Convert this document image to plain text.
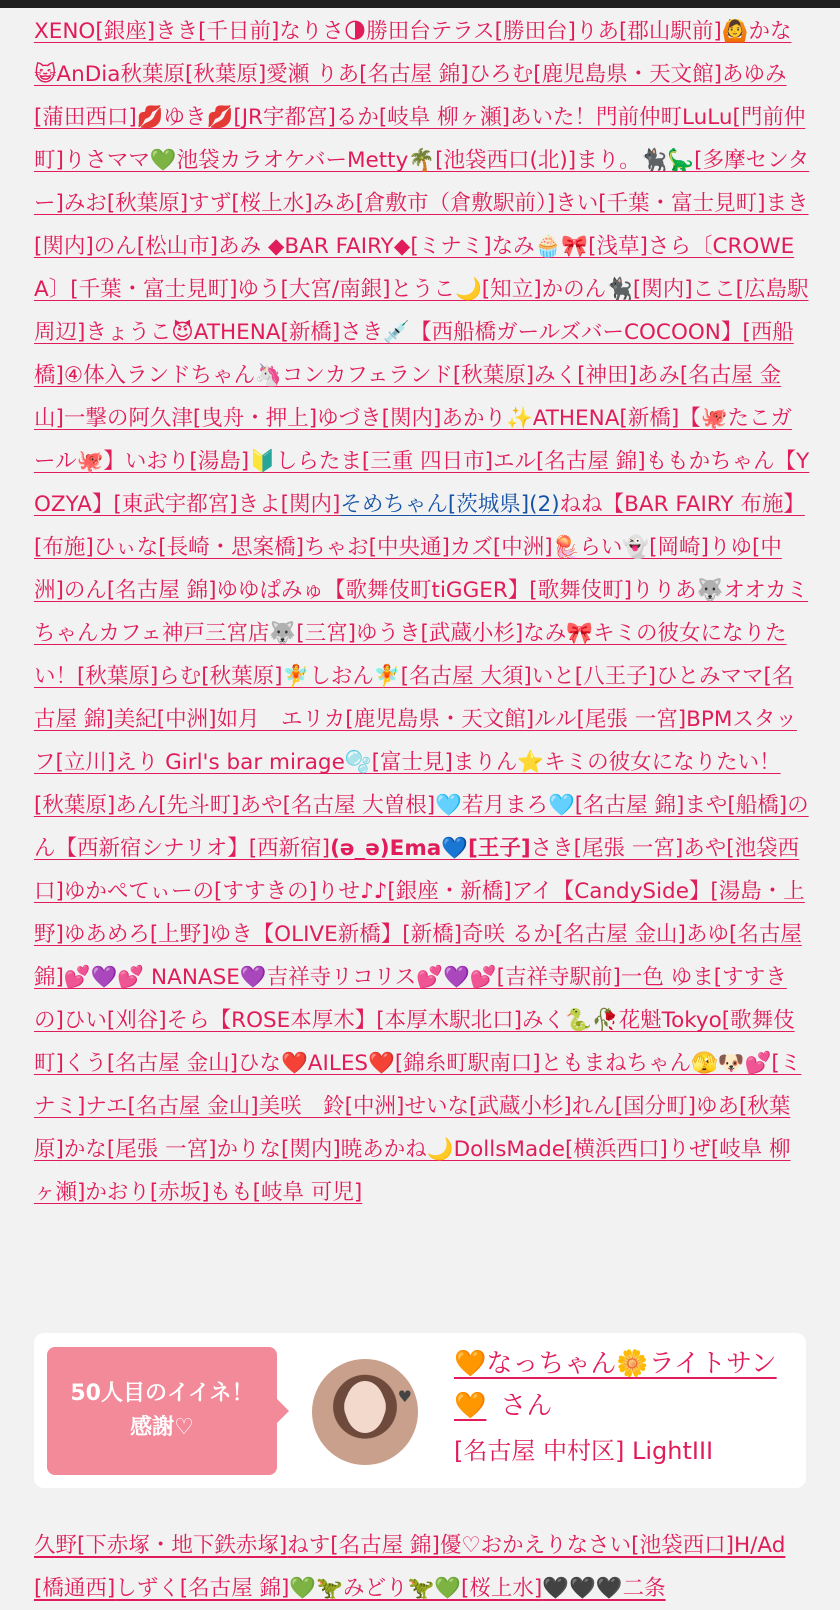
XENO[銀座]きき[千日前]なりさ🌗勝田台テラス[勝田台]りあ[郡山駅前]🙆かな😺AnDia秋葉原[秋葉原]愛瀬 りあ[名古屋 錦]ひろむ[鹿児島県・天文館]あゆみ[蒲田西口]💋ゆき💋[JR宇都宮]るか[岐阜 柳ヶ瀬]あいた！門前仲町LuLu[門前仲町]りさママ💚池袋カラオケバーMetty🌴[池袋西口(北)]まり。🐈‍⬛🦕[多摩センター]みお[秋葉原]すず[桜上水]みあ[倉敷市（倉敷駅前）]きい[千葉・富士見町]まき[関内]のん[松山市]あみ ◆BAR FAIRY◆[ミナミ]なみ🧁🎀[浅草]さら〔CROWEA〕[千葉・富士見町]ゆう[大宮/南銀]とうこ🌙[知立]かのん🐈‍⬛[関内]ここ[広島駅周辺]きょうこ😈ATHENA[新橋]さき💉【西船橋ガールズバーCOCOON】[西船橋]④体入ランドちゃん🦄コンカフェランド[秋葉原]みく[神田]あみ[名古屋 金山]一撃の阿久津[曳舟・押上]ゆづき[関内]あかり✨ATHENA[新橋]【🐙たこガール🐙】いおり[湯島]🔰しらたま[三重 四日市]エル[名古屋 錦]ももかちゃん【YOZYA】[東武宇都宮]きよ[関内]そめちゃん[茨城県](2)ねね【BAR FAIRY 布施】[布施]ひぃな[長崎・思案橋]ちゃお[中央通]カズ[中洲]🪼らい👻[岡崎]りゆ[中洲]のん[名古屋 錦]ゆゆぱみゅ【歌舞伎町tiGGER】[歌舞伎町]りりあ🐺オオカミちゃんカフェ神戸三宮店🐺[三宮]ゆうき[武蔵小杉]なみ🎀キミの彼女になりたい！[秋葉原]らむ[秋葉原]🧚しおん🧚[名古屋 大須]いと[八王子]ひとみママ[名古屋 錦]美紀[中洲]如月　エリカ[鹿児島県・天文館]ルル[尾張 一宮]BPMスタッフ[立川]えり Girl's bar mirage🫧[富士見]まりん⭐キミの彼女になりたい！[秋葉原]あん[先斗町]あや[名古屋 大曽根]🩵若月まろ🩵[名古屋 錦]まや[船橋]のん【西新宿シナリオ】[西新宿](ə_ə)Ema💙[王子]さき[尾張 一宮]あや[池袋西口]ゆかぺてぃーの[すすきの]りせ♪♪[銀座・新橋]アイ【CandySide】[湯島・上野]ゆあめろ[上野]ゆき【OLIVE新橋】[新橋]奇咲 るか[名古屋 金山]あゆ[名古屋 錦]💕💜💕 NANASE💜吉祥寺リコリス💕💜💕[吉祥寺駅前]一色 ゆま[すすきの]ひい[刈谷]そら【ROSE本厚木】[本厚木駅北口]みく🐍🥀花魁Tokyo[歌舞伎町]くう[名古屋 金山]ひな❤️AILES❤️[錦糸町駅南口]ともまねちゃん🫣🐶💕[ミナミ]ナエ[名古屋 金山]美咲　鈴[中洲]せいな[武蔵小杉]れん[国分町]ゆあ[秋葉原]かな[尾張 一宮]かりな[関内]暁あかね🌙DollsMade[横浜西口]りぜ[岐阜 柳ヶ瀬]かおり[赤坂]もも[岐阜 可児]
50人目のイイネ！
感謝♡
♥
🧡なっちゃん🌼ライトサン🧡 さん
[名古屋 中村区] LightIII
久野[下赤塚・地下鉄赤塚]ねす[名古屋 錦]優♡おかえりなさい[池袋西口]H/Ad[橋通西]しずく[名古屋 錦]💚🦖みどり🦖💚[桜上水]🖤🖤🖤二条
